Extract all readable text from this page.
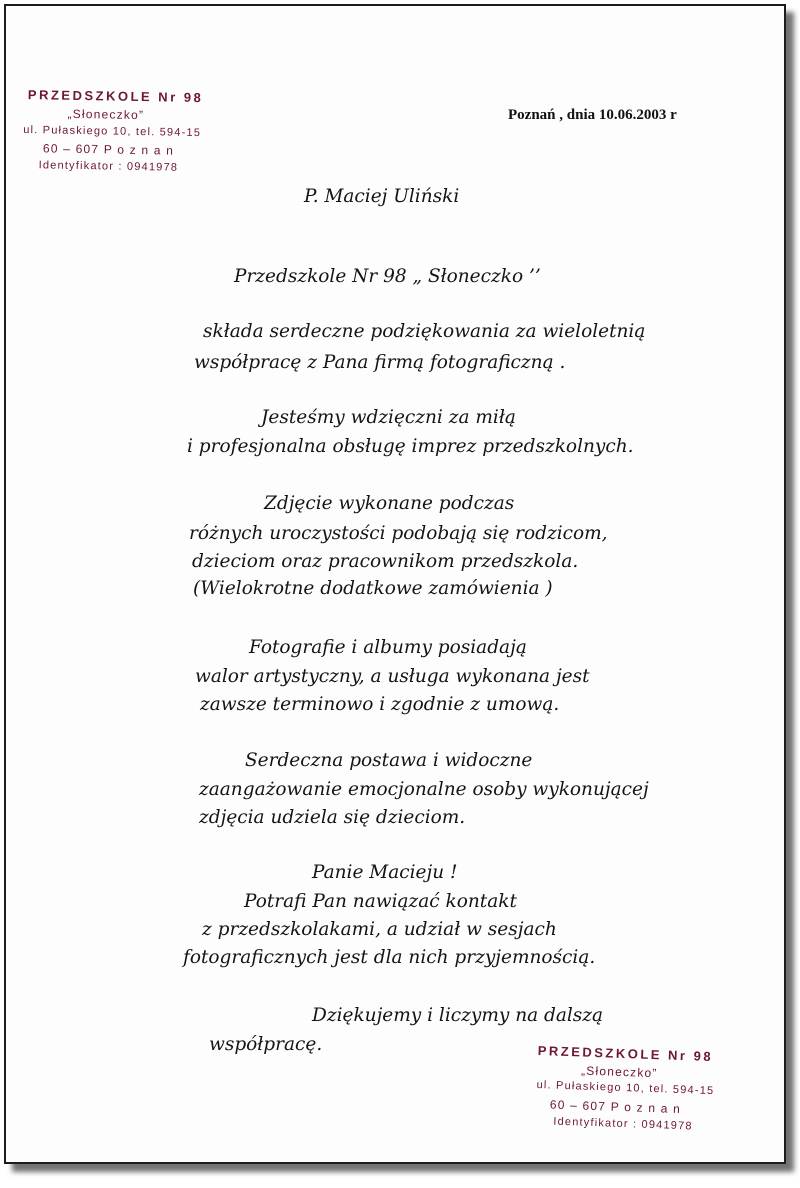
PRZEDSZKOLE Nr 98
„Słoneczko”
ul. Pułaskiego 10, tel. 594-15
60 – 607 P o z n a n
Identyfikator : 0941978
Poznań , dnia 10.06.2003 r
P. Maciej Uliński
Przedszkole Nr 98 „ Słoneczko ’’
składa serdeczne podziękowania za wieloletnią
współpracę z Pana firmą fotograficzną .
Jesteśmy wdzięczni za miłą
i profesjonalna obsługę imprez przedszkolnych.
Zdjęcie wykonane podczas
różnych uroczystości podobają się rodzicom,
dzieciom oraz pracownikom przedszkola.
(Wielokrotne dodatkowe zamówienia )
Fotografie i albumy posiadają
walor artystyczny, a usługa wykonana jest
zawsze terminowo i zgodnie z umową.
Serdeczna postawa i widoczne
zaangażowanie emocjonalne osoby wykonującej
zdjęcia udziela się dzieciom.
Panie Macieju !
Potrafi Pan nawiązać kontakt
z przedszkolakami, a udział w sesjach
fotograficznych jest dla nich przyjemnością.
Dziękujemy i liczymy na dalszą
współpracę.	PRZEDSZKOLE Nr 98
„Słoneczko”
ul. Pułaskiego 10, tel. 594-15
60 – 607 P o z n a n
Identyfikator : 0941978
